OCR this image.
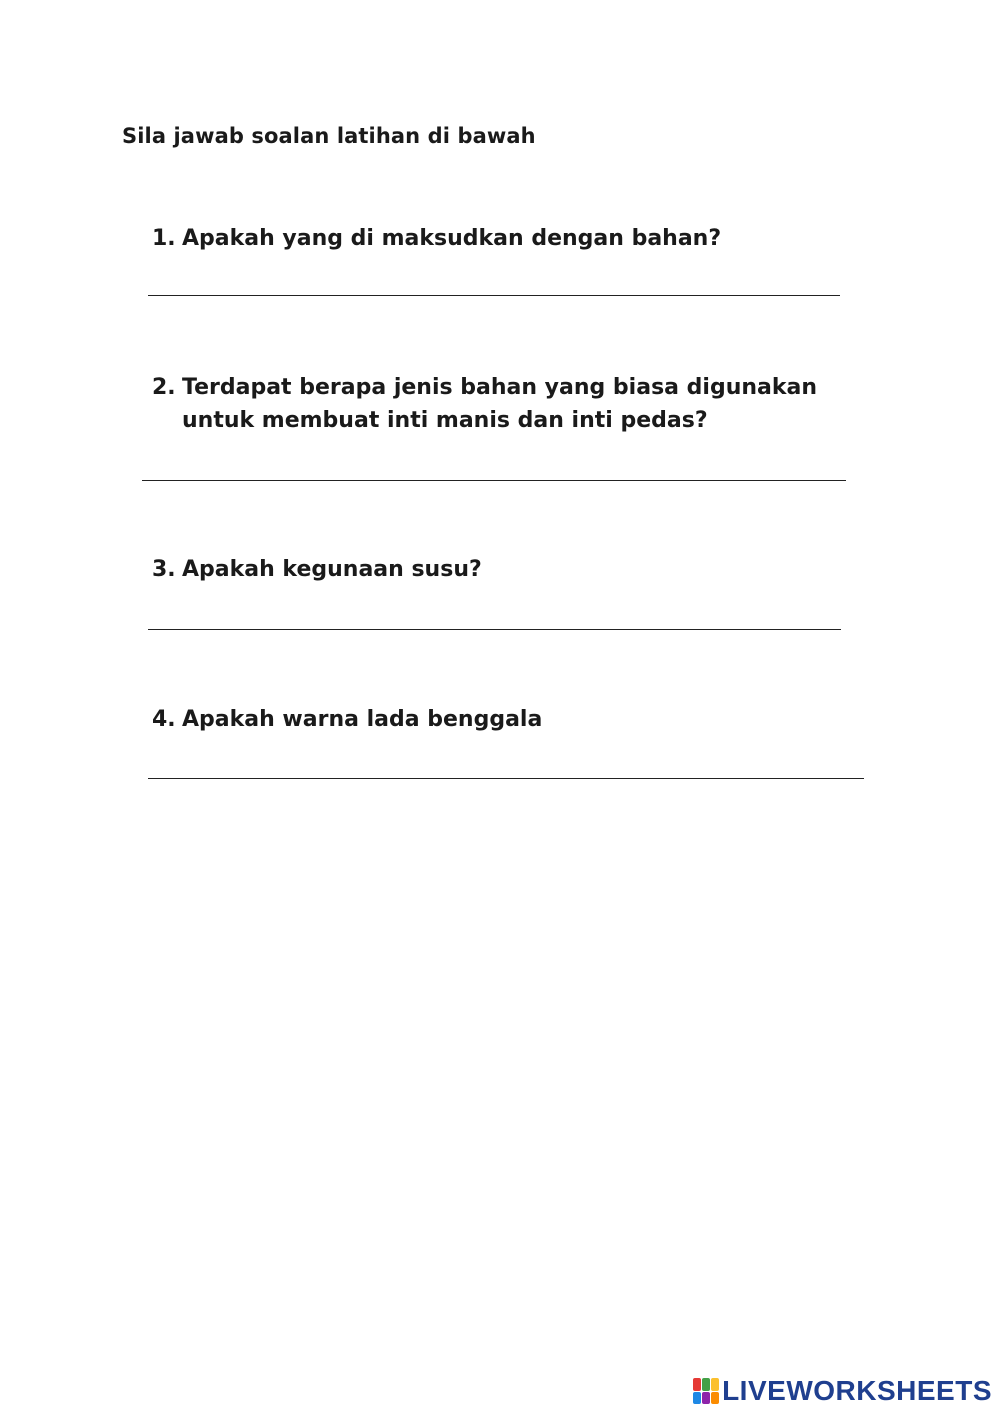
Sila jawab soalan latihan di bawah
1. Apakah yang di maksudkan dengan bahan?
2. Terdapat berapa jenis bahan yang biasa digunakan untuk membuat inti manis dan inti pedas?
3. Apakah kegunaan susu?
4. Apakah warna lada benggala
LIVEWORKSHEETS
